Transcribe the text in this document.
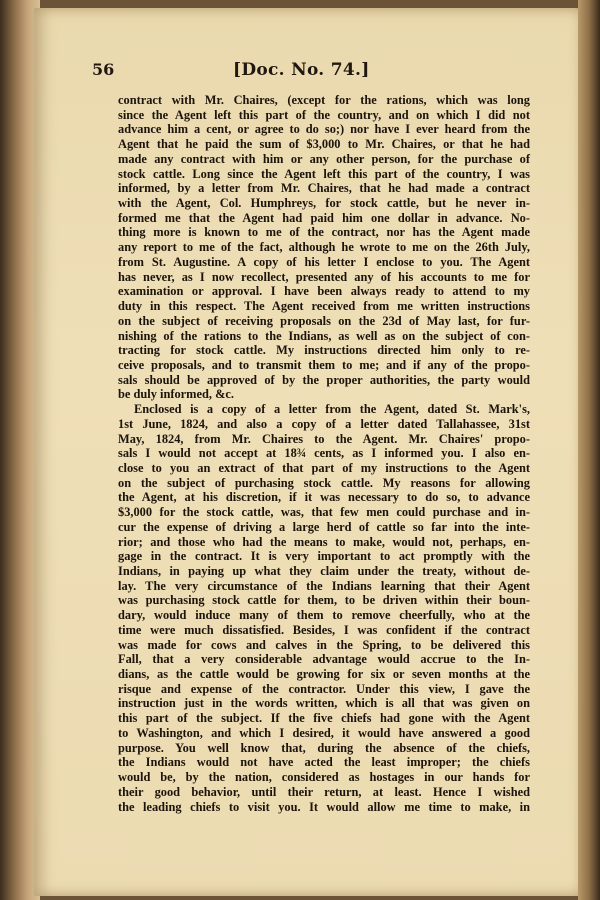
56	[Doc. No. 74.]
contract with Mr. Chaires, (except for the rations, which was long
since the Agent left this part of the country, and on which I did not
advance him a cent, or agree to do so;) nor have I ever heard from the
Agent that he paid the sum of $3,000 to Mr. Chaires, or that he had
made any contract with him or any other person, for the purchase of
stock cattle. Long since the Agent left this part of the country, I was
informed, by a letter from Mr. Chaires, that he had made a contract
with the Agent, Col. Humphreys, for stock cattle, but he never in-
formed me that the Agent had paid him one dollar in advance. No-
thing more is known to me of the contract, nor has the Agent made
any report to me of the fact, although he wrote to me on the 26th July,
from St. Augustine. A copy of his letter I enclose to you. The Agent
has never, as I now recollect, presented any of his accounts to me for
examination or approval. I have been always ready to attend to my
duty in this respect. The Agent received from me written instructions
on the subject of receiving proposals on the 23d of May last, for fur-
nishing of the rations to the Indians, as well as on the subject of con-
tracting for stock cattle. My instructions directed him only to re-
ceive proposals, and to transmit them to me; and if any of the propo-
sals should be approved of by the proper authorities, the party would
be duly informed, &c.
Enclosed is a copy of a letter from the Agent, dated St. Mark's,
1st June, 1824, and also a copy of a letter dated Tallahassee, 31st
May, 1824, from Mr. Chaires to the Agent. Mr. Chaires' propo-
sals I would not accept at 18¾ cents, as I informed you. I also en-
close to you an extract of that part of my instructions to the Agent
on the subject of purchasing stock cattle. My reasons for allowing
the Agent, at his discretion, if it was necessary to do so, to advance
$3,000 for the stock cattle, was, that few men could purchase and in-
cur the expense of driving a large herd of cattle so far into the inte-
rior; and those who had the means to make, would not, perhaps, en-
gage in the contract. It is very important to act promptly with the
Indians, in paying up what they claim under the treaty, without de-
lay. The very circumstance of the Indians learning that their Agent
was purchasing stock cattle for them, to be driven within their boun-
dary, would induce many of them to remove cheerfully, who at the
time were much dissatisfied. Besides, I was confident if the contract
was made for cows and calves in the Spring, to be delivered this
Fall, that a very considerable advantage would accrue to the In-
dians, as the cattle would be growing for six or seven months at the
risque and expense of the contractor. Under this view, I gave the
instruction just in the words written, which is all that was given on
this part of the subject. If the five chiefs had gone with the Agent
to Washington, and which I desired, it would have answered a good
purpose. You well know that, during the absence of the chiefs,
the Indians would not have acted the least improper; the chiefs
would be, by the nation, considered as hostages in our hands for
their good behavior, until their return, at least. Hence I wished
the leading chiefs to visit you. It would allow me time to make, in
